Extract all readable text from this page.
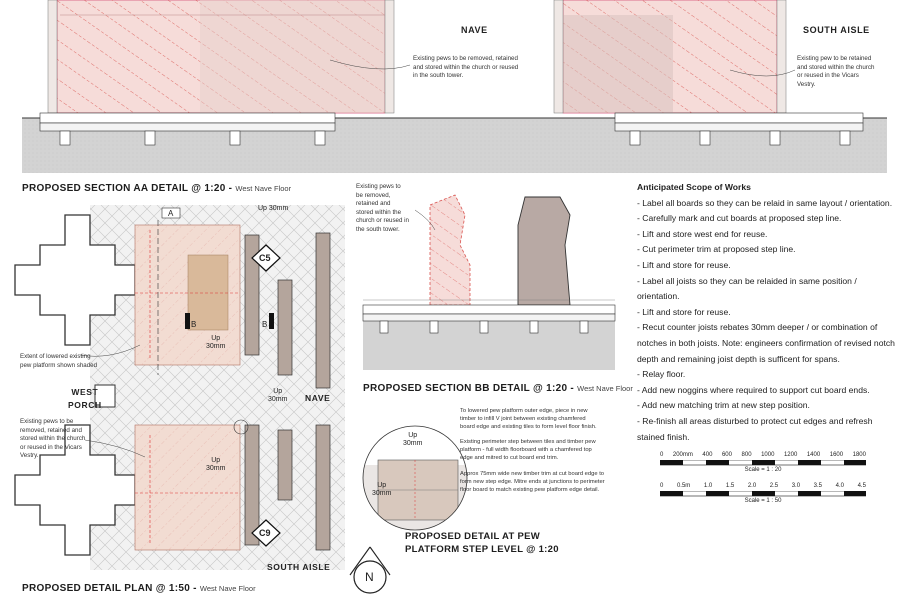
NAVE	SOUTH AISLE
Existing pews to be removed, retained
and stored within the church or reused
in the south tower.
Existing pew to be retained
and stored within the church
or reused in the Vicars
Vestry.
PROPOSED SECTION AA DETAIL @ 1:20 - West Nave Floor
A
B	B
Up 30mm
Up
30mm
Up
30mm
Up
30mm
C5
C9
WEST
PORCH
NAVE
SOUTH AISLE
Extent of lowered existing
pew platform shown shaded
Existing pews to be
removed, retained and
stored within the church
or reused in the Vicars
Vestry.
PROPOSED DETAIL PLAN @ 1:50 - West Nave Floor
Existing pews to
be removed,
retained and
stored within the
church or reused in
the south tower.
PROPOSED SECTION BB DETAIL @ 1:20 - West Nave Floor
Up
30mm
Up
30mm
To lowered pew platform outer edge, piece in new
timber to infill V joint between existing chamfered
board edge and existing tiles to form level floor finish.
Existing perimeter step between tiles and timber pew
platform - full width floorboard with a chamfered top
edge and mitred to cut board end trim.
Approx 75mm wide new timber trim at cut board edge to
form new step edge. Mitre ends at junctions to perimeter
floor board to match existing pew platform edge detail.
PROPOSED DETAIL AT PEW
PLATFORM STEP LEVEL @ 1:20
N
Anticipated Scope of Works
- Label all boards so they can be relaid in same layout / orientation.
- Carefully mark and cut boards at proposed step line.
- Lift and store west end for reuse.
- Cut perimeter trim at proposed step line.
- Lift and store for reuse.
- Label all joists so they can be relaided in same position /
orientation.
- Lift and store for reuse.
- Recut counter joists rebates 30mm deeper / or combination of
notches in both joists. Note: engineers confirmation of revised notch
depth and remaining joist depth is sufficent for spans.
- Relay floor.
- Add new noggins where required to support cut board ends.
- Add new matching trim at new step position.
- Re-finish all areas disturbed to protect cut edges and refresh
stained finish.
0 200mm 400 600 800 1000 1200 1400 1600 1800
Scale = 1 : 20
0 0.5m 1.0 1.5 2.0 2.5 3.0 3.5 4.0 4.5
Scale = 1 : 50
